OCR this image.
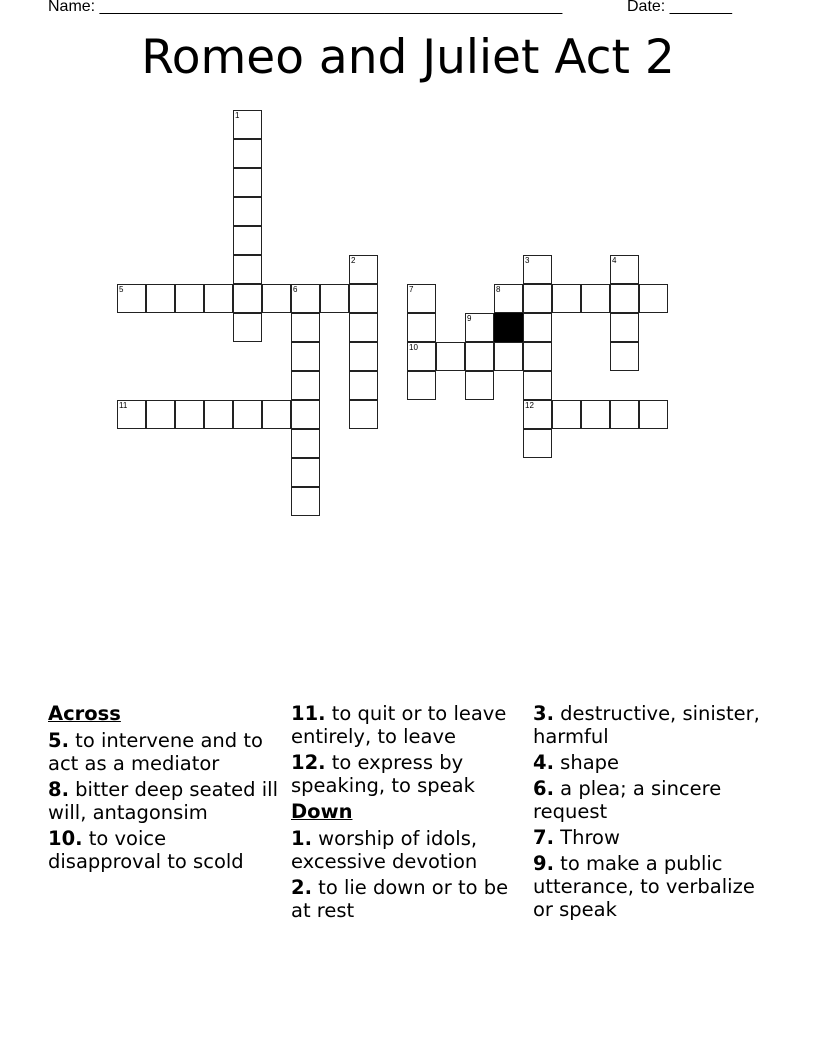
Name: ____________________________________________________	Date: _______
Romeo and Juliet Act 2
1
2	3	4
5	6	7	8
9
10
11	12
Across
5. to intervene and to act as a mediator
8. bitter deep seated ill will, antagonsim
10. to voice disapproval to scold
11. to quit or to leave entirely, to leave
12. to express by speaking, to speak
Down
1. worship of idols, excessive devotion
2. to lie down or to be at rest
3. destructive, sinister, harmful
4. shape
6. a plea; a sincere request
7. Throw
9. to make a public utterance, to verbalize or speak
